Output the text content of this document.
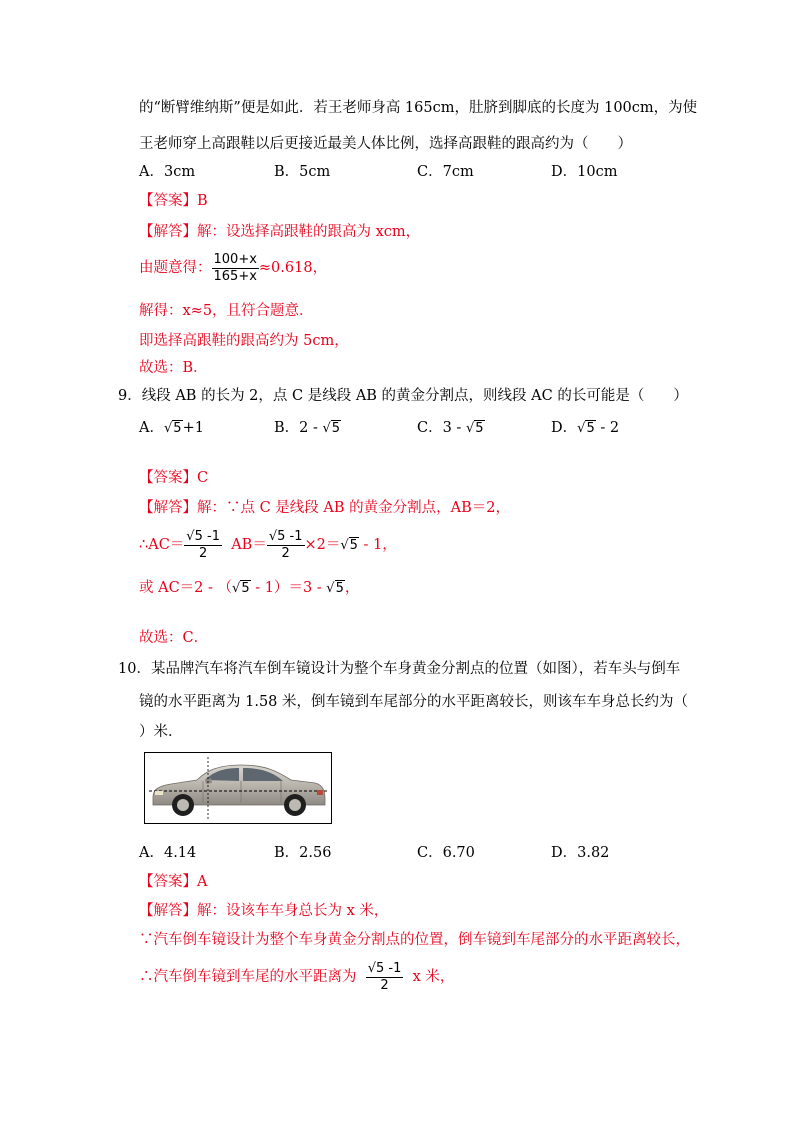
的“断臂维纳斯”便是如此．若王老师身高 165cm，肚脐到脚底的长度为 100cm，为使
王老师穿上高跟鞋以后更接近最美人体比例，选择高跟鞋的跟高约为（　　）
A．3cm	B．5cm	C．7cm	D．10cm
【答案】B
【解答】解：设选择高跟鞋的跟高为 xcm，
由题意得： $\frac{100+x}{165+x} \approx 0.618$，
解得：x≈5，且符合题意．
即选择高跟鞋的跟高约为 5cm，
故选：B．
9．线段 AB 的长为 2，点 C 是线段 AB 的黄金分割点，则线段 AC 的长可能是（　　）
A．√5+1	B．2 - √5	C．3 - √5	D．√5 - 2
【答案】C
【解答】解：∵点 C 是线段 AB 的黄金分割点，AB＝2，
∴AC＝ $\frac{√5 -1}{2} AB= \frac{√5 -1}{2} \times 2=√5 - 1$，
或 AC＝2 - （√5 - 1）＝3 - √5，
故选：C．
10．某品牌汽车将汽车倒车镜设计为整个车身黄金分割点的位置（如图），若车头与倒车
镜的水平距离为 1.58 米，倒车镜到车尾部分的水平距离较长，则该车车身总长约为（
）米．
A．4.14	B．2.56	C．6.70	D．3.82
【答案】A
【解答】解：设该车车身总长为 x 米，
∵汽车倒车镜设计为整个车身黄金分割点的位置，倒车镜到车尾部分的水平距离较长，
∴汽车倒车镜到车尾的水平距离为 $\frac{√5 -1}{2}$ x 米，
